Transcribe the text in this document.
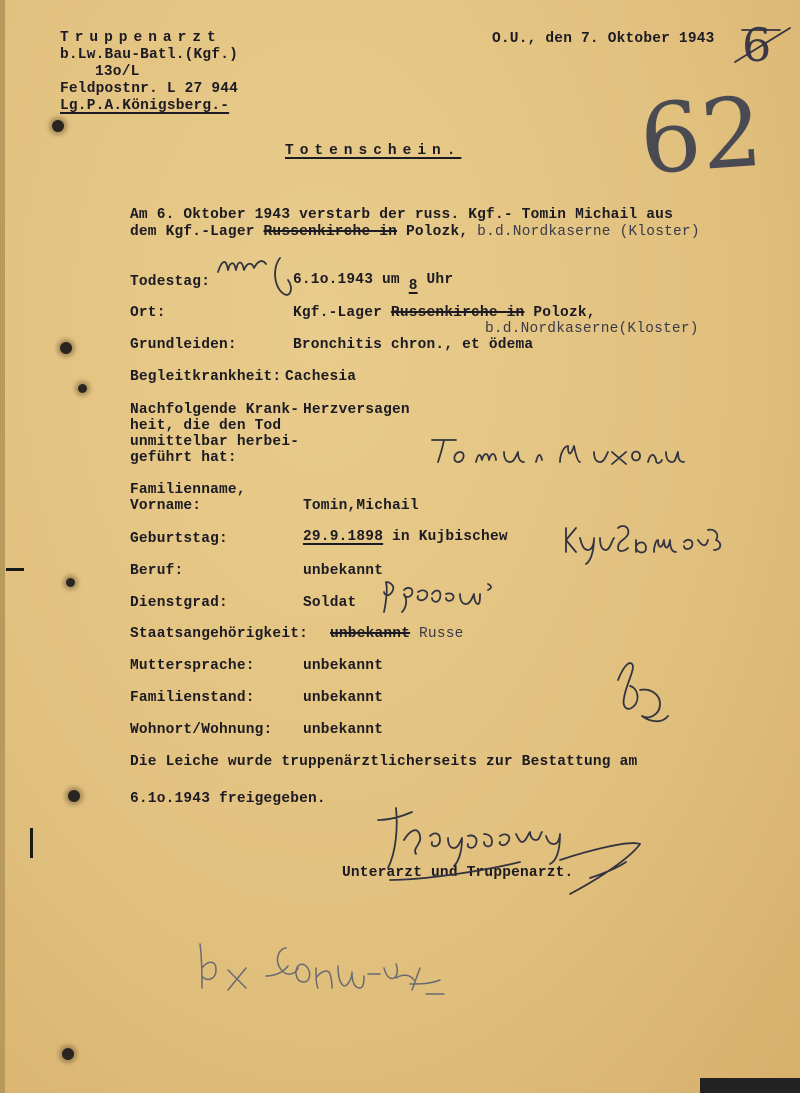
Truppenarzt
b.Lw.Bau-Batl.(Kgf.)
13o/L
Feldpostnr. L 27 944
Lg.P.A.Königsberg.-
O.U., den 7. Oktober 1943
Totenschein.
Am 6. Oktober 1943 verstarb der russ. Kgf.- Tomin Michail aus
dem Kgf.-Lager Russenkirche-in Polozk, b.d.Nordkaserne (Kloster)
Todestag:	6.1o.1943 um 8 Uhr
Ort:	Kgf.-Lager Russenkirche-in Polozk,
b.d.Nordkaserne(Kloster)
Grundleiden:	Bronchitis chron., et ödema
Begleitkrankheit: Cachesia
Nachfolgende Krank-
heit, die den Tod
unmittelbar herbei-
geführt hat:
Herzversagen
Familienname,
Vorname:	Tomin,Michail
Geburtstag:	29.9.1898 in Kujbischew
Beruf:	unbekannt
Dienstgrad:	Soldat
Staatsangehörigkeit: unbekannt Russe
Muttersprache:	unbekannt
Familienstand:	unbekannt
Wohnort/Wohnung: unbekannt
Die Leiche wurde truppenärztlicherseits zur Bestattung am
6.1o.1943 freigegeben.
Unterarzt und Truppenarzt.
62
6
